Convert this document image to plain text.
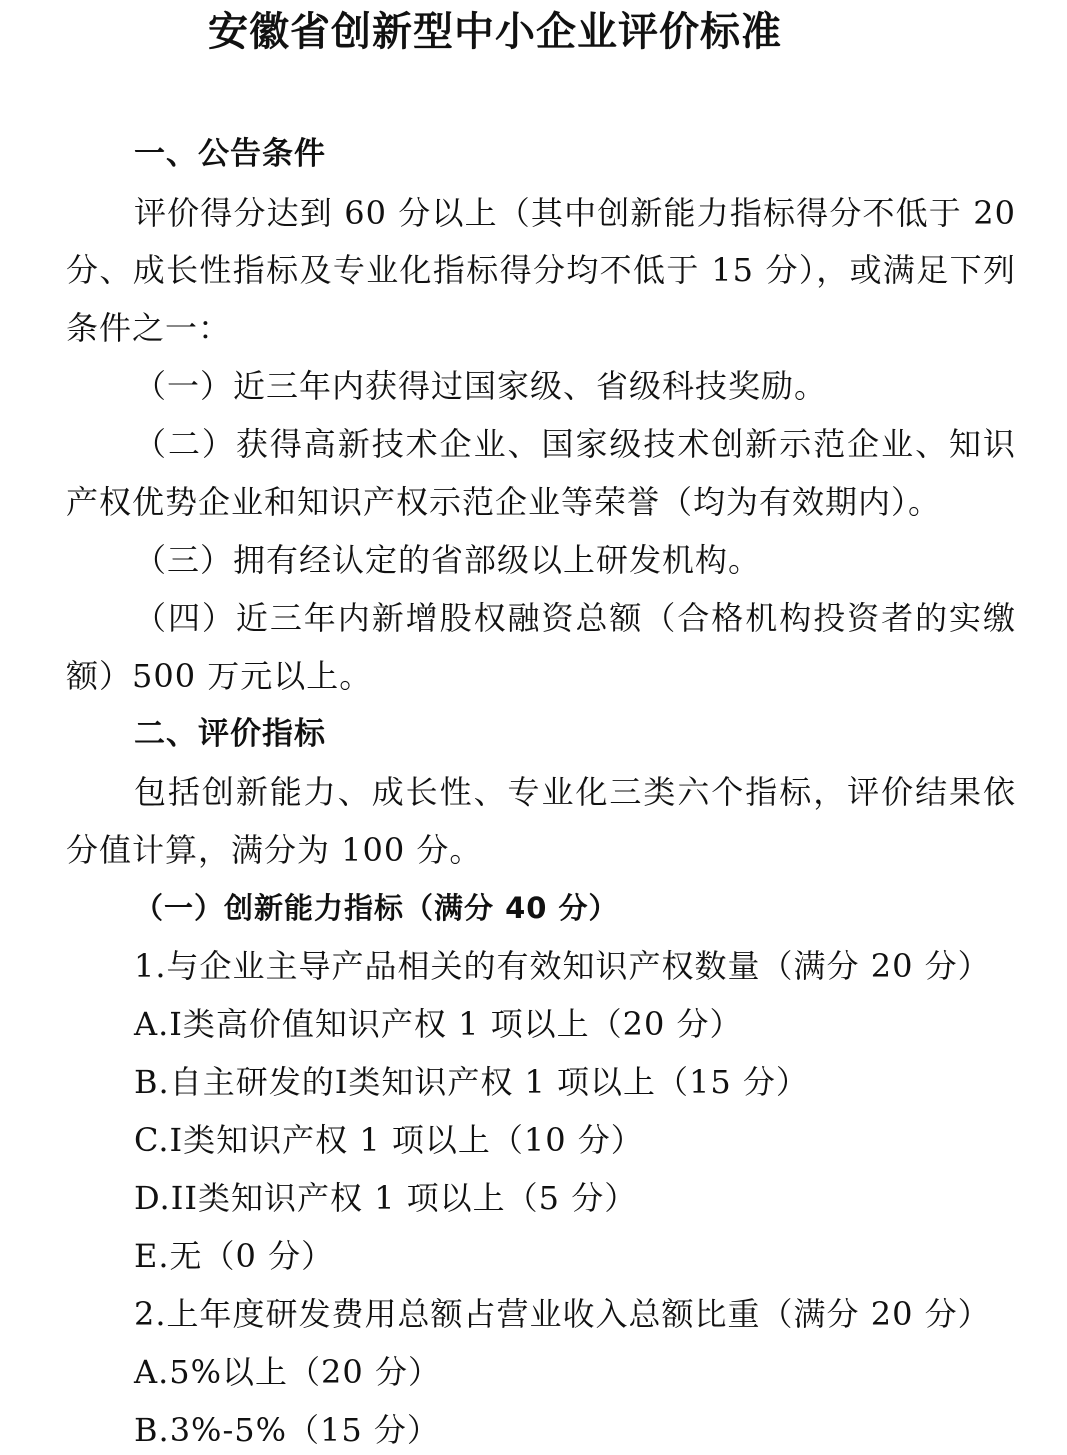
安徽省创新型中小企业评价标准
一、公告条件
评价得分达到 60 分以上（其中创新能力指标得分不低于 20
分、成长性指标及专业化指标得分均不低于 15 分），或满足下列
条件之一：
（一）近三年内获得过国家级、省级科技奖励。
（二）获得高新技术企业、国家级技术创新示范企业、知识
产权优势企业和知识产权示范企业等荣誉（均为有效期内）。
（三）拥有经认定的省部级以上研发机构。
（四）近三年内新增股权融资总额（合格机构投资者的实缴
额）500 万元以上。
二、评价指标
包括创新能力、成长性、专业化三类六个指标，评价结果依
分值计算，满分为 100 分。
（一）创新能力指标（满分 40 分）
1.与企业主导产品相关的有效知识产权数量（满分 20 分）
A.I类高价值知识产权 1 项以上（20 分）
B.自主研发的I类知识产权 1 项以上（15 分）
C.I类知识产权 1 项以上（10 分）
D.II类知识产权 1 项以上（5 分）
E.无（0 分）
2.上年度研发费用总额占营业收入总额比重（满分 20 分）
A.5%以上（20 分）
B.3%-5%（15 分）
